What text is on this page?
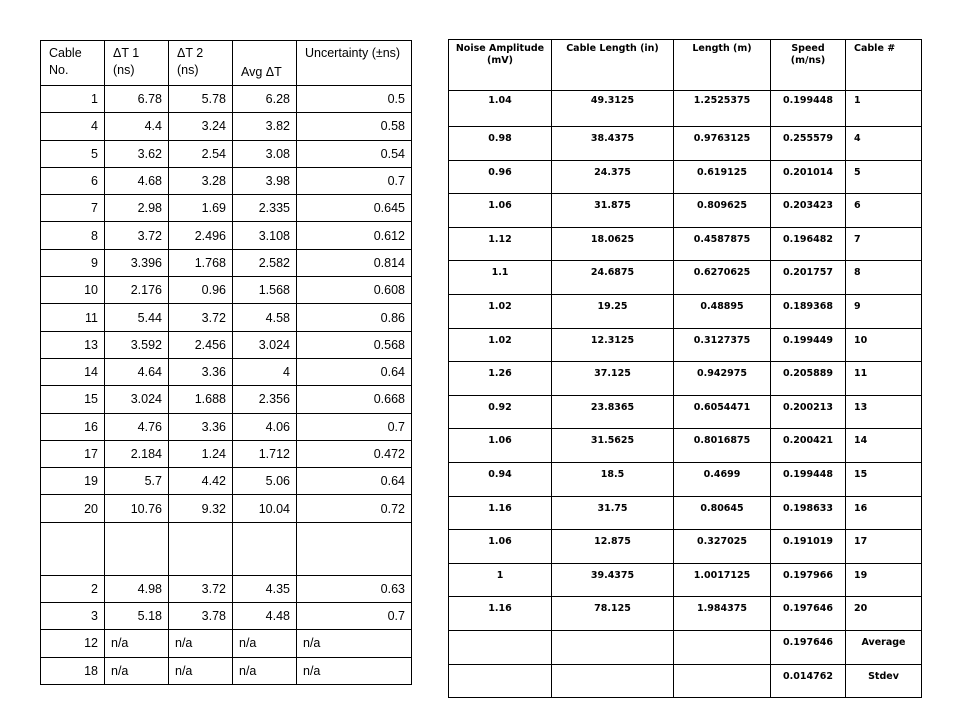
Cable No.	ΔT 1 (ns)	ΔT 2 (ns)	Avg ΔT	Uncertainty (±ns)
1	6.78	5.78	6.28	0.5
4	4.4	3.24	3.82	0.58
5	3.62	2.54	3.08	0.54
6	4.68	3.28	3.98	0.7
7	2.98	1.69	2.335	0.645
8	3.72	2.496	3.108	0.612
9	3.396	1.768	2.582	0.814
10	2.176	0.96	1.568	0.608
11	5.44	3.72	4.58	0.86
13	3.592	2.456	3.024	0.568
14	4.64	3.36	4	0.64
15	3.024	1.688	2.356	0.668
16	4.76	3.36	4.06	0.7
17	2.184	1.24	1.712	0.472
19	5.7	4.42	5.06	0.64
20	10.76	9.32	10.04	0.72

2	4.98	3.72	4.35	0.63
3	5.18	3.78	4.48	0.7
12	n/a	n/a	n/a	n/a
18	n/a	n/a	n/a	n/a
Noise Amplitude (mV)	Cable Length (in)	Length (m)	Speed (m/ns)	Cable #
1.04	49.3125	1.2525375	0.199448	1
0.98	38.4375	0.9763125	0.255579	4
0.96	24.375	0.619125	0.201014	5
1.06	31.875	0.809625	0.203423	6
1.12	18.0625	0.4587875	0.196482	7
1.1	24.6875	0.6270625	0.201757	8
1.02	19.25	0.48895	0.189368	9
1.02	12.3125	0.3127375	0.199449	10
1.26	37.125	0.942975	0.205889	11
0.92	23.8365	0.6054471	0.200213	13
1.06	31.5625	0.8016875	0.200421	14
0.94	18.5	0.4699	0.199448	15
1.16	31.75	0.80645	0.198633	16
1.06	12.875	0.327025	0.191019	17
1	39.4375	1.0017125	0.197966	19
1.16	78.125	1.984375	0.197646	20
			0.197646	Average
			0.014762	Stdev
